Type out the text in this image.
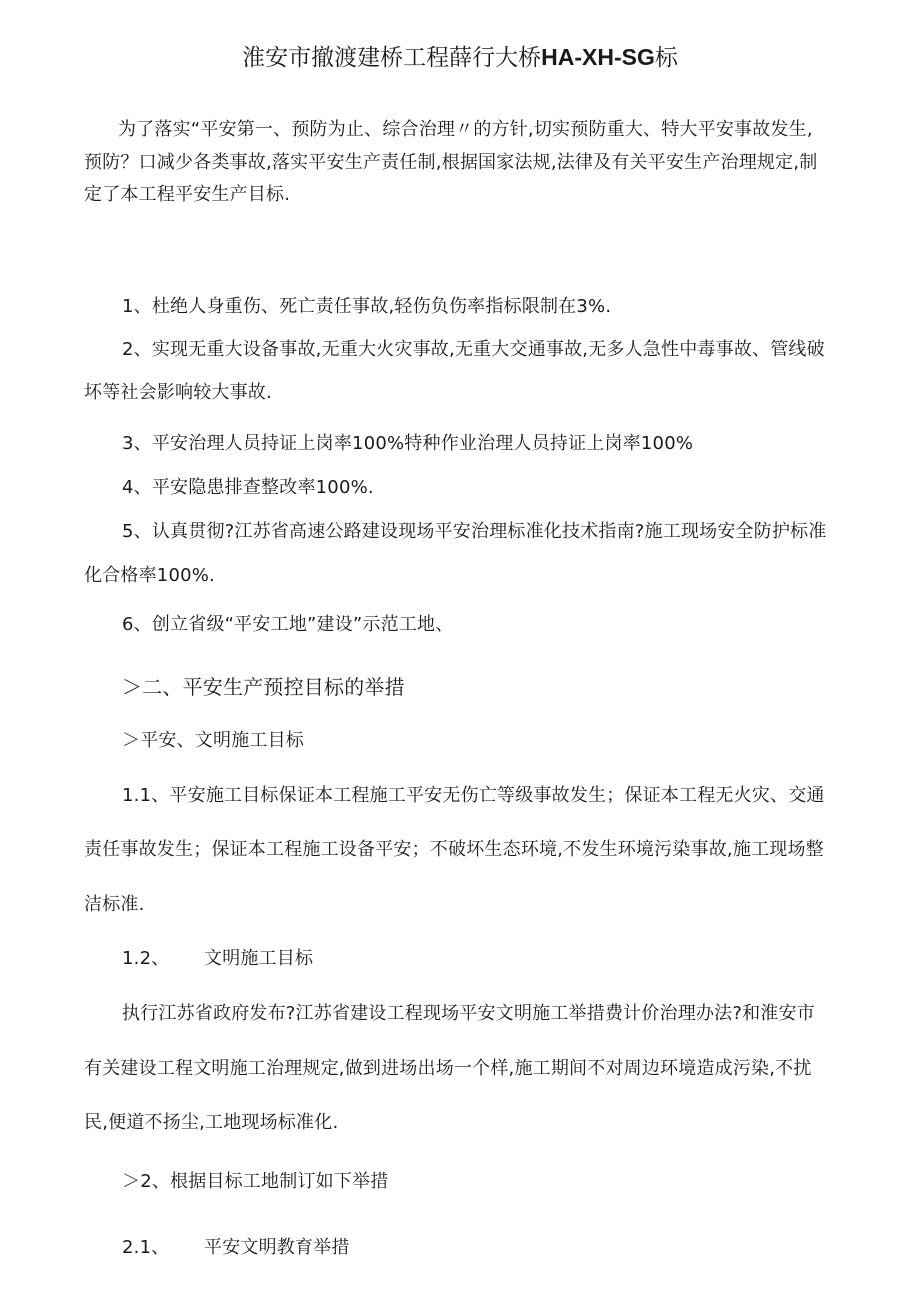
淮安市撤渡建桥工程薛行大桥HA-XH-SG标
为了落实“平安第一、预防为止、综合治理〃的方针,切实预防重大、特大平安事故发生,
预防？口减少各类事故,落实平安生产责任制,根据国家法规,法律及有关平安生产治理规定,制
定了本工程平安生产目标.
1、杜绝人身重伤、死亡责任事故,轻伤负伤率指标限制在3%.
2、实现无重大设备事故,无重大火灾事故,无重大交通事故,无多人急性中毒事故、管线破
坏等社会影响较大事故.
3、平安治理人员持证上岗率100%特种作业治理人员持证上岗率100%
4、平安隐患排查整改率100%.
5、认真贯彻?江苏省高速公路建设现场平安治理标准化技术指南?施工现场安全防护标准
化合格率100%.
6、创立省级“平安工地”建设”示范工地、
＞二、平安生产预控目标的举措
＞平安、文明施工目标
1.1、平安施工目标保证本工程施工平安无伤亡等级事故发生；保证本工程无火灾、交通
责任事故发生；保证本工程施工设备平安；不破坏生态环境,不发生环境污染事故,施工现场整
洁标准.
1.2、 文明施工目标
执行江苏省政府发布?江苏省建设工程现场平安文明施工举措费计价治理办法?和淮安市
有关建设工程文明施工治理规定,做到进场出场一个样,施工期间不对周边环境造成污染,不扰
民,便道不扬尘,工地现场标准化.
＞2、根据目标工地制订如下举措
2.1、 平安文明教育举措
